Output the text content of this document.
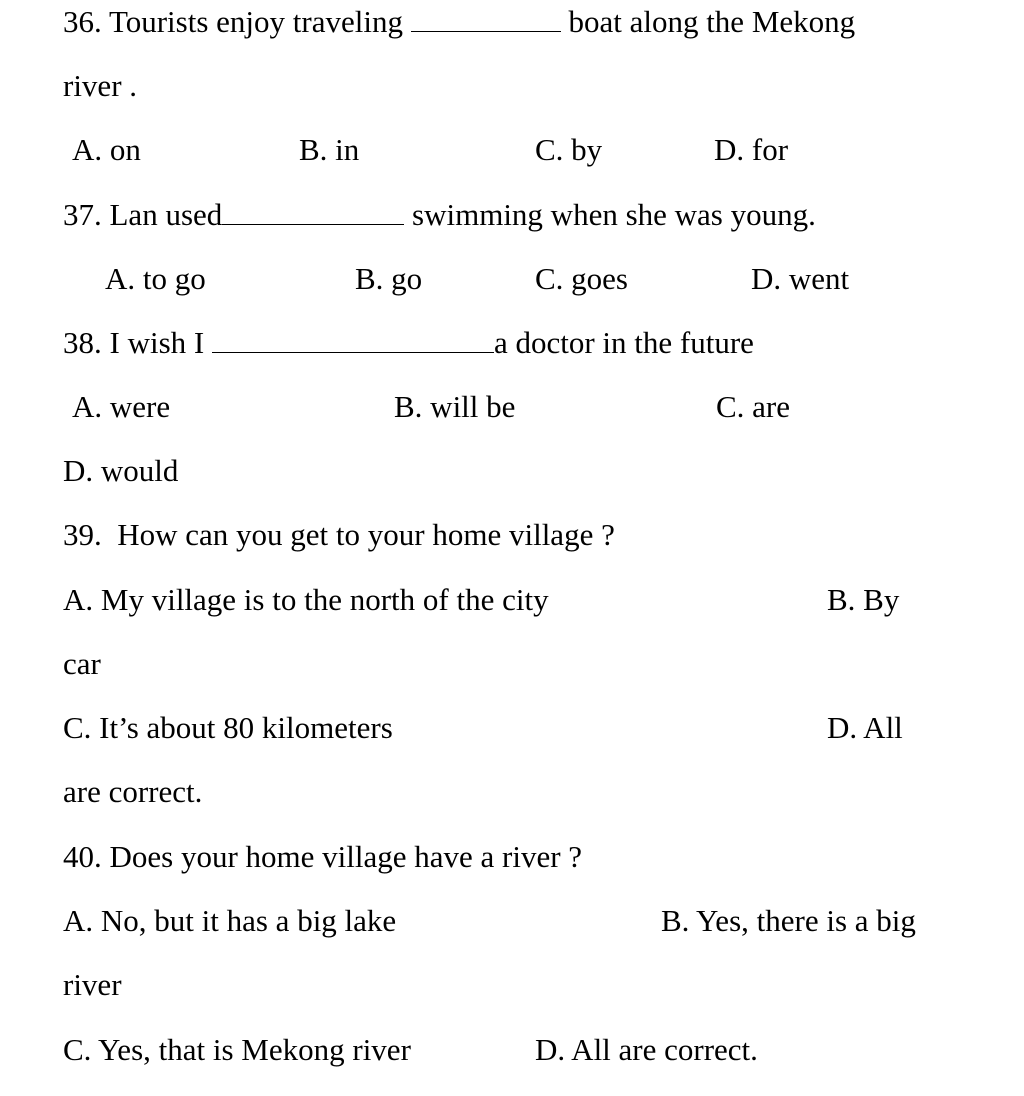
36. Tourists enjoy traveling	boat along the Mekong
river .
A. on	B. in	C. by	D. for
37. Lan used	swimming when she was young.
A. to go	B. go	C. goes	D. went
38. I wish I	a doctor in the future
A. were	B. will be	C. are
D. would
39.  How can you get to your home village ?
A. My village is to the north of the city	B. By
car
C. It’s about 80 kilometers	D. All
are correct.
40. Does your home village have a river ?
A. No, but it has a big lake	B. Yes, there is a big
river
C. Yes, that is Mekong river	D. All are correct.
